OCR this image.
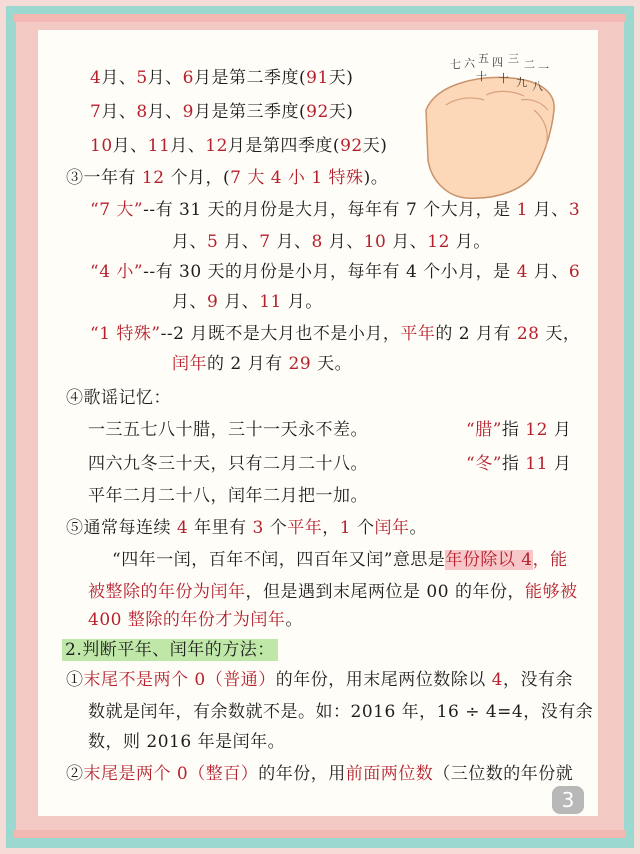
七 六 五 四 三 二 一
十 十 九 八
4月、5月、6月是第二季度(91天)
7月、8月、9月是第三季度(92天)
10月、11月、12月是第四季度(92天)
③一年有 12 个月，(7 大 4 小 1 特殊)。
“7 大”--有 31 天的月份是大月，每年有 7 个大月，是 1 月、3
月、5 月、7 月、8 月、10 月、12 月。
“4 小”--有 30 天的月份是小月，每年有 4 个小月，是 4 月、6
月、9 月、11 月。
“1 特殊”--2 月既不是大月也不是小月，平年的 2 月有 28 天，
闰年的 2 月有 29 天。
④歌谣记忆：
一三五七八十腊，三十一天永不差。	“腊”指 12 月
四六九冬三十天，只有二月二十八。	“冬”指 11 月
平年二月二十八，闰年二月把一加。
⑤通常每连续 4 年里有 3 个平年，1 个闰年。
“四年一闰，百年不闰，四百年又闰”意思是年份除以 4，能
被整除的年份为闰年，但是遇到末尾两位是 00 的年份，能够被
400 整除的年份才为闰年。
2.判断平年、闰年的方法：
①末尾不是两个 0（普通）的年份，用末尾两位数除以 4，没有余
数就是闰年，有余数就不是。如：2016 年，16 ÷ 4=4，没有余
数，则 2016 年是闰年。
②末尾是两个 0（整百）的年份，用前面两位数（三位数的年份就
3
